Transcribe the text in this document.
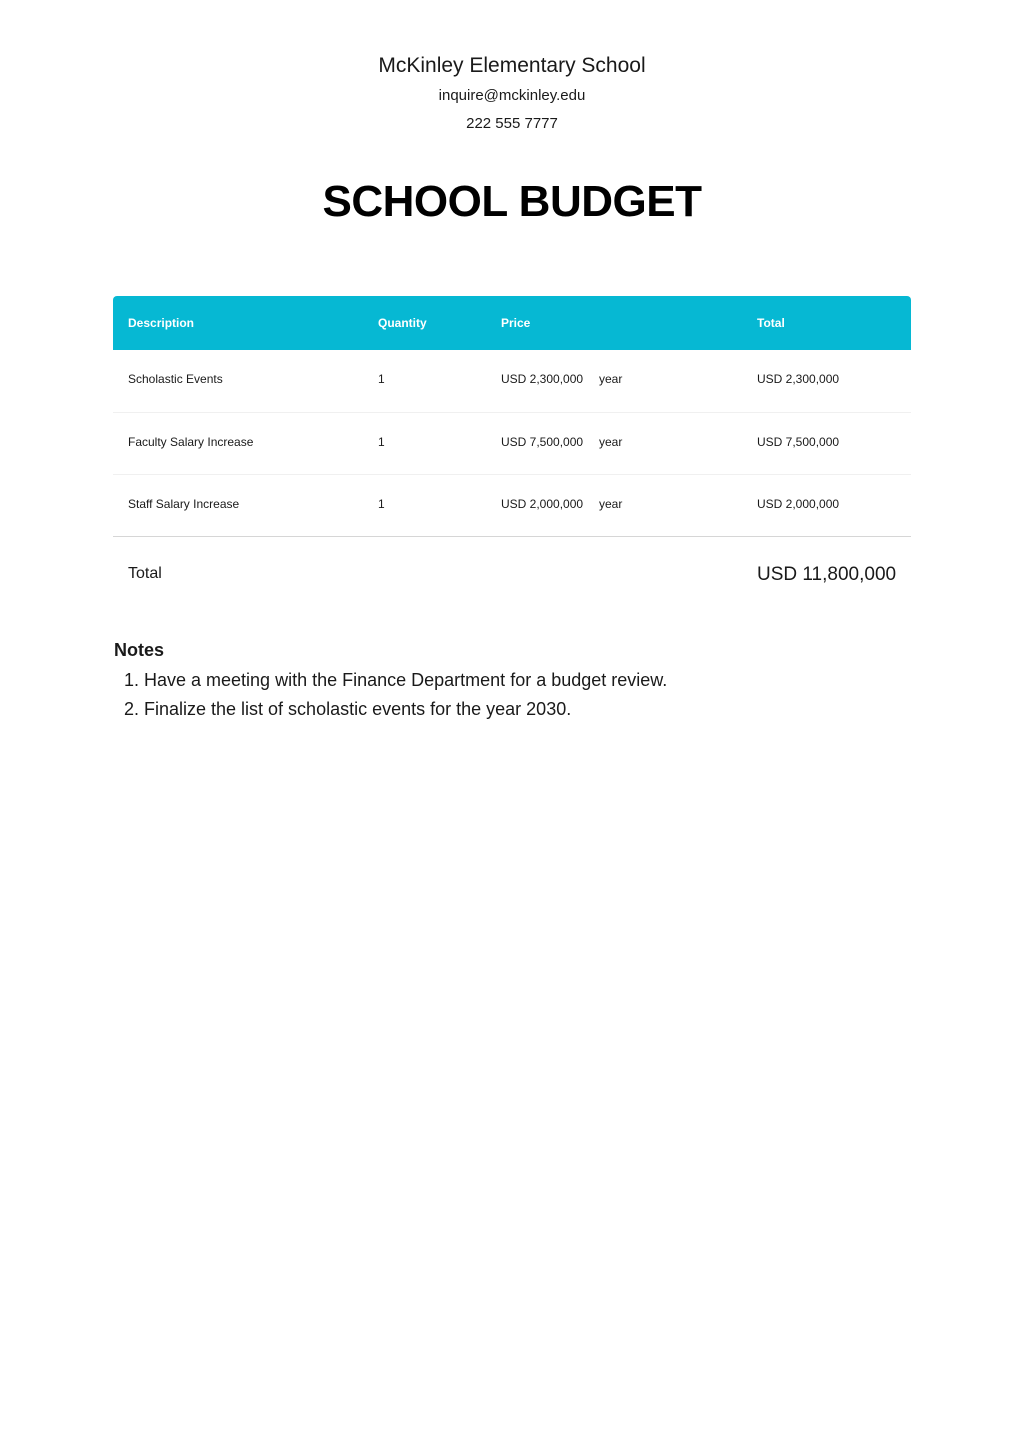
McKinley Elementary School
inquire@mckinley.edu
222 555 7777
SCHOOL BUDGET
Description	Quantity	Price	Total
Scholastic Events	1	USD 2,300,000 year	USD 2,300,000
Faculty Salary Increase	1	USD 7,500,000 year	USD 7,500,000
Staff Salary Increase	1	USD 2,000,000 year	USD 2,000,000
Total	USD 11,800,000
Notes
1. Have a meeting with the Finance Department for a budget review.
2. Finalize the list of scholastic events for the year 2030.
